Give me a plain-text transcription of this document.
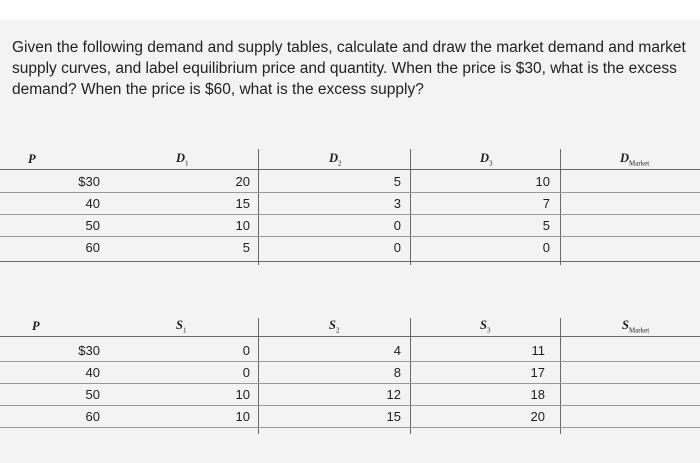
Given the following demand and supply tables, calculate and draw the market demand and market supply curves, and label equilibrium price and quantity. When the price is $30, what is the excess demand? When the price is $60, what is the excess supply?
P	$D_1$	$D_2$	$D_3$	$D_{Market}$
$30	20	5	10
40	15	3	7
50	10	0	5
60	5	0	0
P	$S_1$	$S_2$	$S_3$	$S_{Market}$
$30	0	4	11
40	0	8	17
50	10	12	18
60	10	15	20
